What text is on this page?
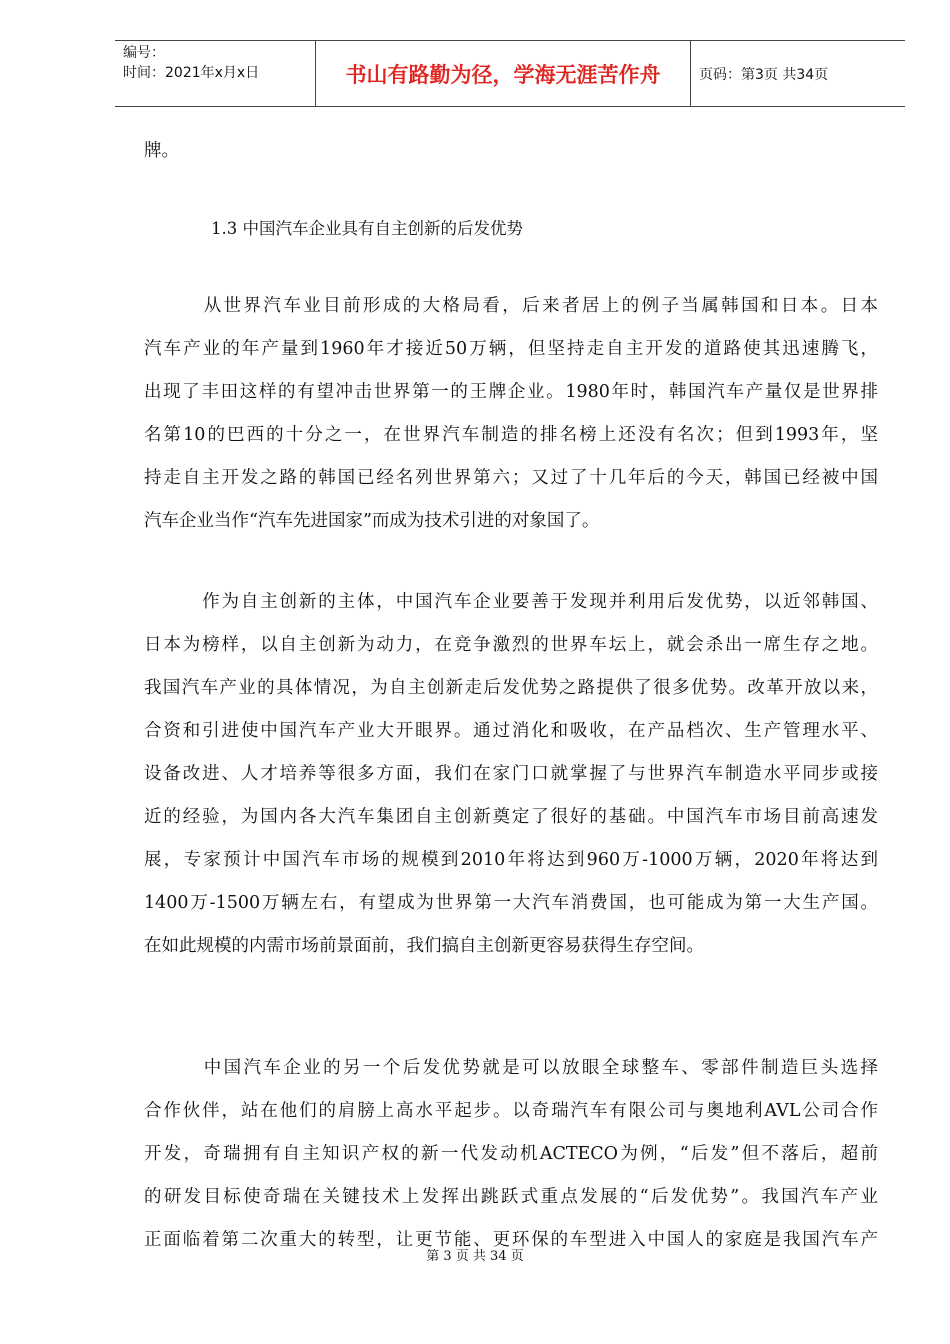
编号：
时间：2021年x月x日	书山有路勤为径，学海无涯苦作舟	页码：第3页 共34页
牌。
1.3 中国汽车企业具有自主创新的后发优势
　　　从世界汽车业目前形成的大格局看，后来者居上的例子当属韩国和日本。日本
汽车产业的年产量到1960年才接近50万辆，但坚持走自主开发的道路使其迅速腾飞，
出现了丰田这样的有望冲击世界第一的王牌企业。1980年时，韩国汽车产量仅是世界排
名第10的巴西的十分之一，在世界汽车制造的排名榜上还没有名次；但到1993年，坚
持走自主开发之路的韩国已经名列世界第六；又过了十几年后的今天，韩国已经被中国
汽车企业当作“汽车先进国家”而成为技术引进的对象国了。
　　　作为自主创新的主体，中国汽车企业要善于发现并利用后发优势，以近邻韩国、
日本为榜样，以自主创新为动力，在竞争激烈的世界车坛上，就会杀出一席生存之地。
我国汽车产业的具体情况，为自主创新走后发优势之路提供了很多优势。改革开放以来，
合资和引进使中国汽车产业大开眼界。通过消化和吸收，在产品档次、生产管理水平、
设备改进、人才培养等很多方面，我们在家门口就掌握了与世界汽车制造水平同步或接
近的经验，为国内各大汽车集团自主创新奠定了很好的基础。中国汽车市场目前高速发
展，专家预计中国汽车市场的规模到2010年将达到960万-1000万辆，2020年将达到
1400万-1500万辆左右，有望成为世界第一大汽车消费国，也可能成为第一大生产国。
在如此规模的内需市场前景面前，我们搞自主创新更容易获得生存空间。
　　　中国汽车企业的另一个后发优势就是可以放眼全球整车、零部件制造巨头选择
合作伙伴，站在他们的肩膀上高水平起步。以奇瑞汽车有限公司与奥地利AVL公司合作
开发，奇瑞拥有自主知识产权的新一代发动机ACTECO为例，“后发”但不落后，超前
的研发目标使奇瑞在关键技术上发挥出跳跃式重点发展的“后发优势”。我国汽车产业
正面临着第二次重大的转型，让更节能、更环保的车型进入中国人的家庭是我国汽车产
第 3 页 共 34 页
